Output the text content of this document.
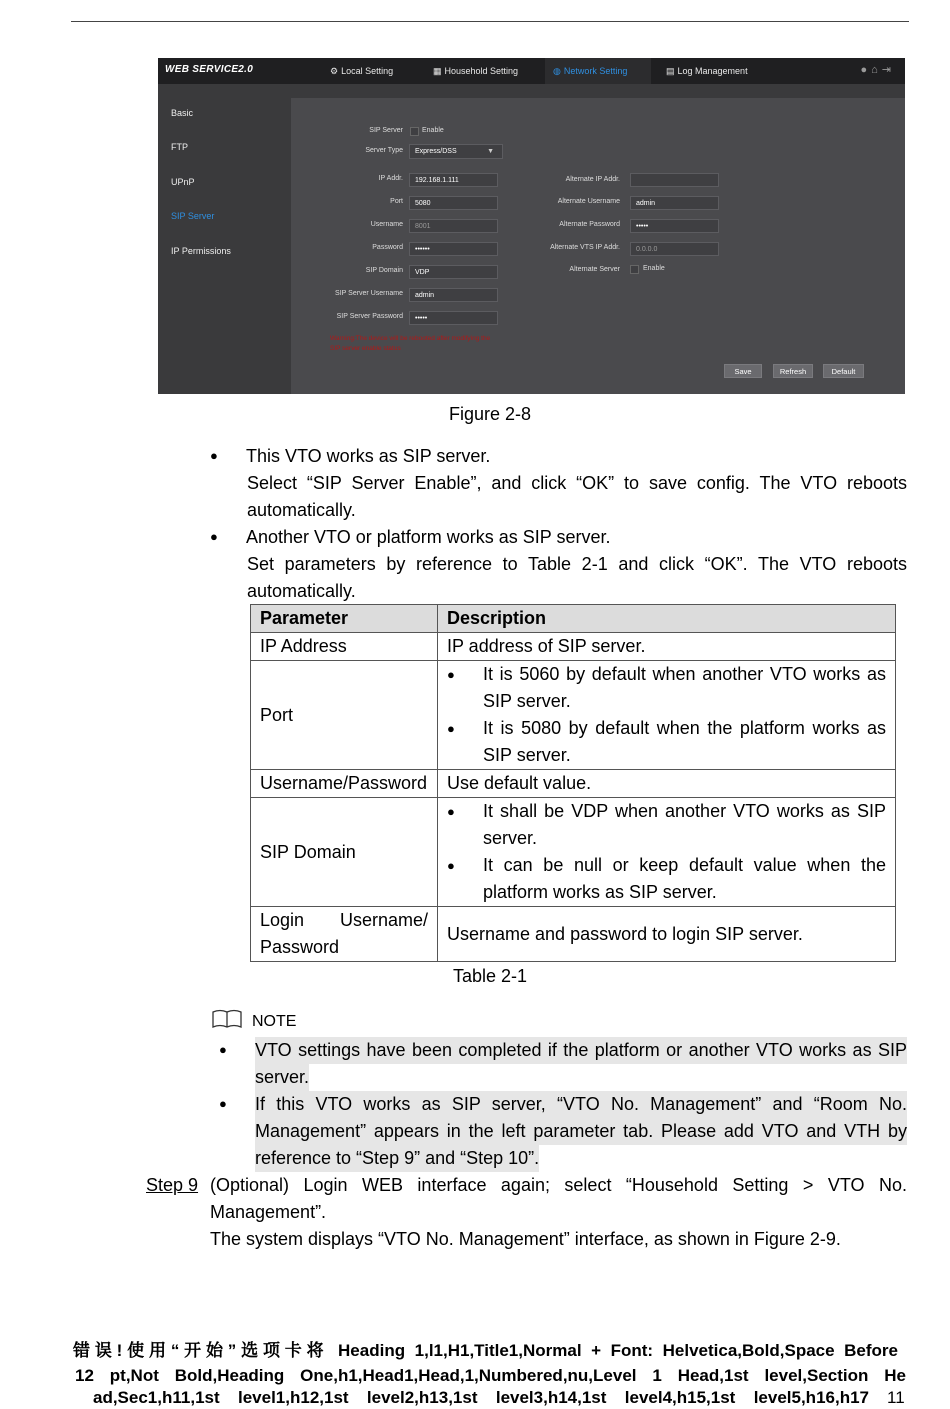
WEB SERVICE2.0	⚙ Local Setting	▦ Household Setting	◍ Network Setting	▤ Log Management	●⌂⇥
Basic
FTP
UPnP
SIP Server
IP Permissions
SIP Server	Enable
Server Type	Express/DSS	▼
IP Addr.	192.168.1.111
Port	5080
Username	8001
Password	••••••
SIP Domain	VDP
SIP Server Username	admin
SIP Server Password	•••••
Alternate IP Addr.
Alternate Username	admin
Alternate Password	•••••
Alternate VTS IP Addr.	0.0.0.0
Alternate Server	Enable
Warning:The device will be rebooted after modifying the
SIP server enable status
Save	Refresh	Default
Figure 2-8
● This VTO works as SIP server.
Select “SIP Server Enable”, and click “OK” to save config. The VTO reboots
automatically.
● Another VTO or platform works as SIP server.
Set parameters by reference to Table 2-1 and click “OK”. The VTO reboots
automatically.
Parameter	Description
IP Address	IP address of SIP server.
Port	● It is 5060 by default when another VTO works as SIP server.
● It is 5080 by default when the platform works as SIP server.

Username/Password	Use default value.
SIP Domain	● It shall be VDP when another VTO works as SIP server.
● It can be null or keep default value when the platform works as SIP server.

Login Username/ Password	Username and password to login SIP server.
Table 2-1
NOTE
● VTO settings have been completed if the platform or another VTO works as SIP
server.
● If this VTO works as SIP server, “VTO No. Management” and “Room No.
Management” appears in the left parameter tab. Please add VTO and VTH by
reference to “Step 9” and “Step 10”.
Step 9 (Optional) Login WEB interface again; select “Household Setting > VTO No.
Management”.
The system displays “VTO No. Management” interface, as shown in Figure 2-9.
错误!使用“开始”选项卡将 Heading 1,l1,H1,Title1,Normal + Font: Helvetica,Bold,Space Before
12 pt,Not Bold,Heading One,h1,Head1,Head,1,Numbered,nu,Level 1 Head,1st level,Section He
ad,Sec1,h11,1st level1,h12,1st level2,h13,1st level3,h14,1st level4,h15,1st level5,h16,h17 11
